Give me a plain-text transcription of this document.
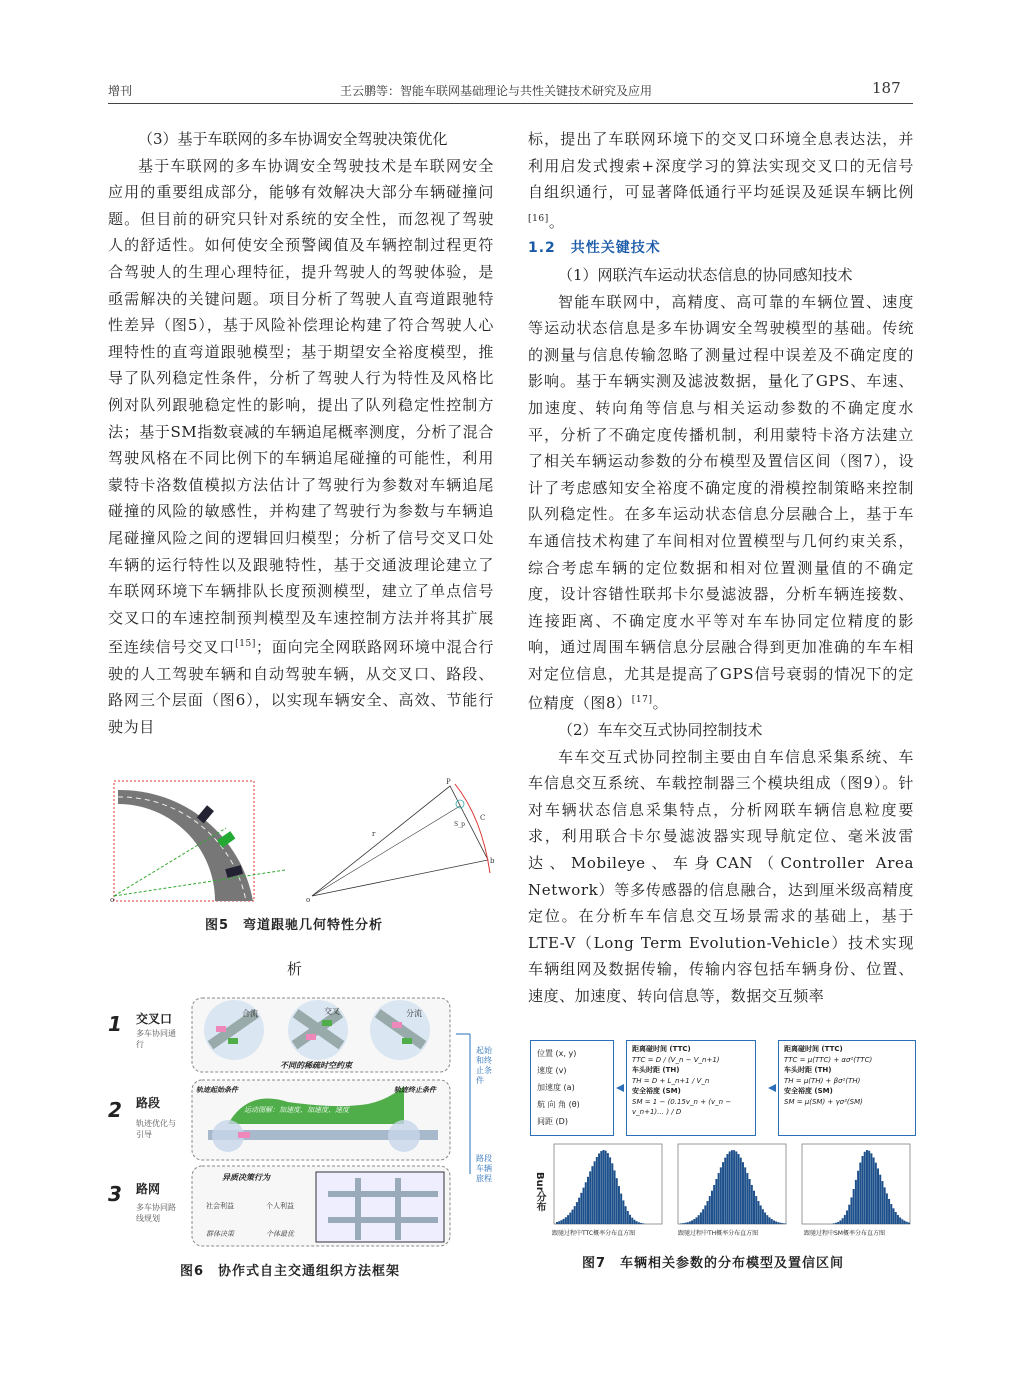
增刊	王云鹏等：智能车联网基础理论与共性关键技术研究及应用	187

（3）基于车联网的多车协调安全驾驶决策优化

基于车联网的多车协调安全驾驶技术是车联网安全应用的重要组成部分，能够有效解决大部分车辆碰撞问题。但目前的研究只针对系统的安全性，而忽视了驾驶人的舒适性。如何使安全预警阈值及车辆控制过程更符合驾驶人的生理心理特征，提升驾驶人的驾驶体验，是亟需解决的关键问题。项目分析了驾驶人直弯道跟驰特性差异（图5），基于风险补偿理论构建了符合驾驶人心理特性的直弯道跟驰模型；基于期望安全裕度模型，推导了队列稳定性条件，分析了驾驶人行为特性及风格比例对队列跟驰稳定性的影响，提出了队列稳定性控制方法；基于SM指数衰减的车辆追尾概率测度，分析了混合驾驶风格在不同比例下的车辆追尾碰撞的可能性，利用蒙特卡洛数值模拟方法估计了驾驶行为参数对车辆追尾碰撞的风险的敏感性，并构建了驾驶行为参数与车辆追尾碰撞风险之间的逻辑回归模型；分析了信号交叉口处车辆的运行特性以及跟驰特性，基于交通波理论建立了车联网环境下车辆排队长度预测模型，建立了单点信号交叉口的车速控制预判模型及车速控制方法并将其扩展至连续信号交叉口[15]；面向完全网联路网环境中混合行驶的人工驾驶车辆和自动驾驶车辆，从交叉口、路段、路网三个层面（图6），以实现车辆安全、高效、节能行驶为目

o	o
P
b
r
C
S_p
图5　弯道跟驰几何特性分析
析
1 交叉口
多车协同通行
2 路段
轨迹优化与引导
3 路网
多车协同路线规划
合流	交叉	分流
不同的稀疏时空约束
轨迹起始条件	轨迹终止条件
运动图解：加速度、加速度、速度
异质决策行为
社会利益	个人利益
群体决策	个体最优
起始和终止条件
路段车辆旅程
图6　协作式自主交通组织方法框架

标，提出了车联网环境下的交叉口环境全息表达法，并利用启发式搜索+深度学习的算法实现交叉口的无信号自组织通行，可显著降低通行平均延误及延误车辆比例[16]。

1.2　共性关键技术

（1）网联汽车运动状态信息的协同感知技术

智能车联网中，高精度、高可靠的车辆位置、速度等运动状态信息是多车协调安全驾驶模型的基础。传统的测量与信息传输忽略了测量过程中误差及不确定度的影响。基于车辆实测及滤波数据，量化了GPS、车速、加速度、转向角等信息与相关运动参数的不确定度水平，分析了不确定度传播机制，利用蒙特卡洛方法建立了相关车辆运动参数的分布模型及置信区间（图7），设计了考虑感知安全裕度不确定度的滑模控制策略来控制队列稳定性。在多车运动状态信息分层融合上，基于车车通信技术构建了车间相对位置模型与几何约束关系，综合考虑车辆的定位数据和相对位置测量值的不确定度，设计容错性联邦卡尔曼滤波器，分析车辆连接数、连接距离、不确定度水平等对车车协同定位精度的影响，通过周围车辆信息分层融合得到更加准确的车车相对定位信息，尤其是提高了GPS信号衰弱的情况下的定位精度（图8）[17]。

（2）车车交互式协同控制技术

车车交互式协同控制主要由自车信息采集系统、车车信息交互系统、车载控制器三个模块组成（图9）。针对车辆状态信息采集特点，分析网联车辆信息粒度要求，利用联合卡尔曼滤波器实现导航定位、毫米波雷达、Mobileye、车身CAN（Controller Area Network）等多传感器的信息融合，达到厘米级高精度定位。在分析车车信息交互场景需求的基础上，基于LTE-V（Long Term Evolution-Vehicle）技术实现车辆组网及数据传输，传输内容包括车辆身份、位置、速度、加速度、转向信息等，数据交互频率

位置 (x, y)
速度 (v)
加速度 (a)
航 向 角 (θ)
间距 (D)
距离碰时间 (TTC)
TTC = D / (V_n − V_n+1)
车头时距 (TH)
TH = D + L_n+1 / V_n
安全裕度 (SM)
SM = 1 − (0.15v_n + (v_n − v_n+1)… ) / D
距离碰时间 (TTC)
TTC = μ(TTC) + ασ²(TTC)
车头时距 (TH)
TH = μ(TH) + βσ²(TH)
安全裕度 (SM)
SM = μ(SM) + γσ²(SM)
Bur分布
跟驰过程中TTC概率分布直方图	跟驰过程中TH概率分布直方图	跟驰过程中SM概率分布直方图
图7　车辆相关参数的分布模型及置信区间
